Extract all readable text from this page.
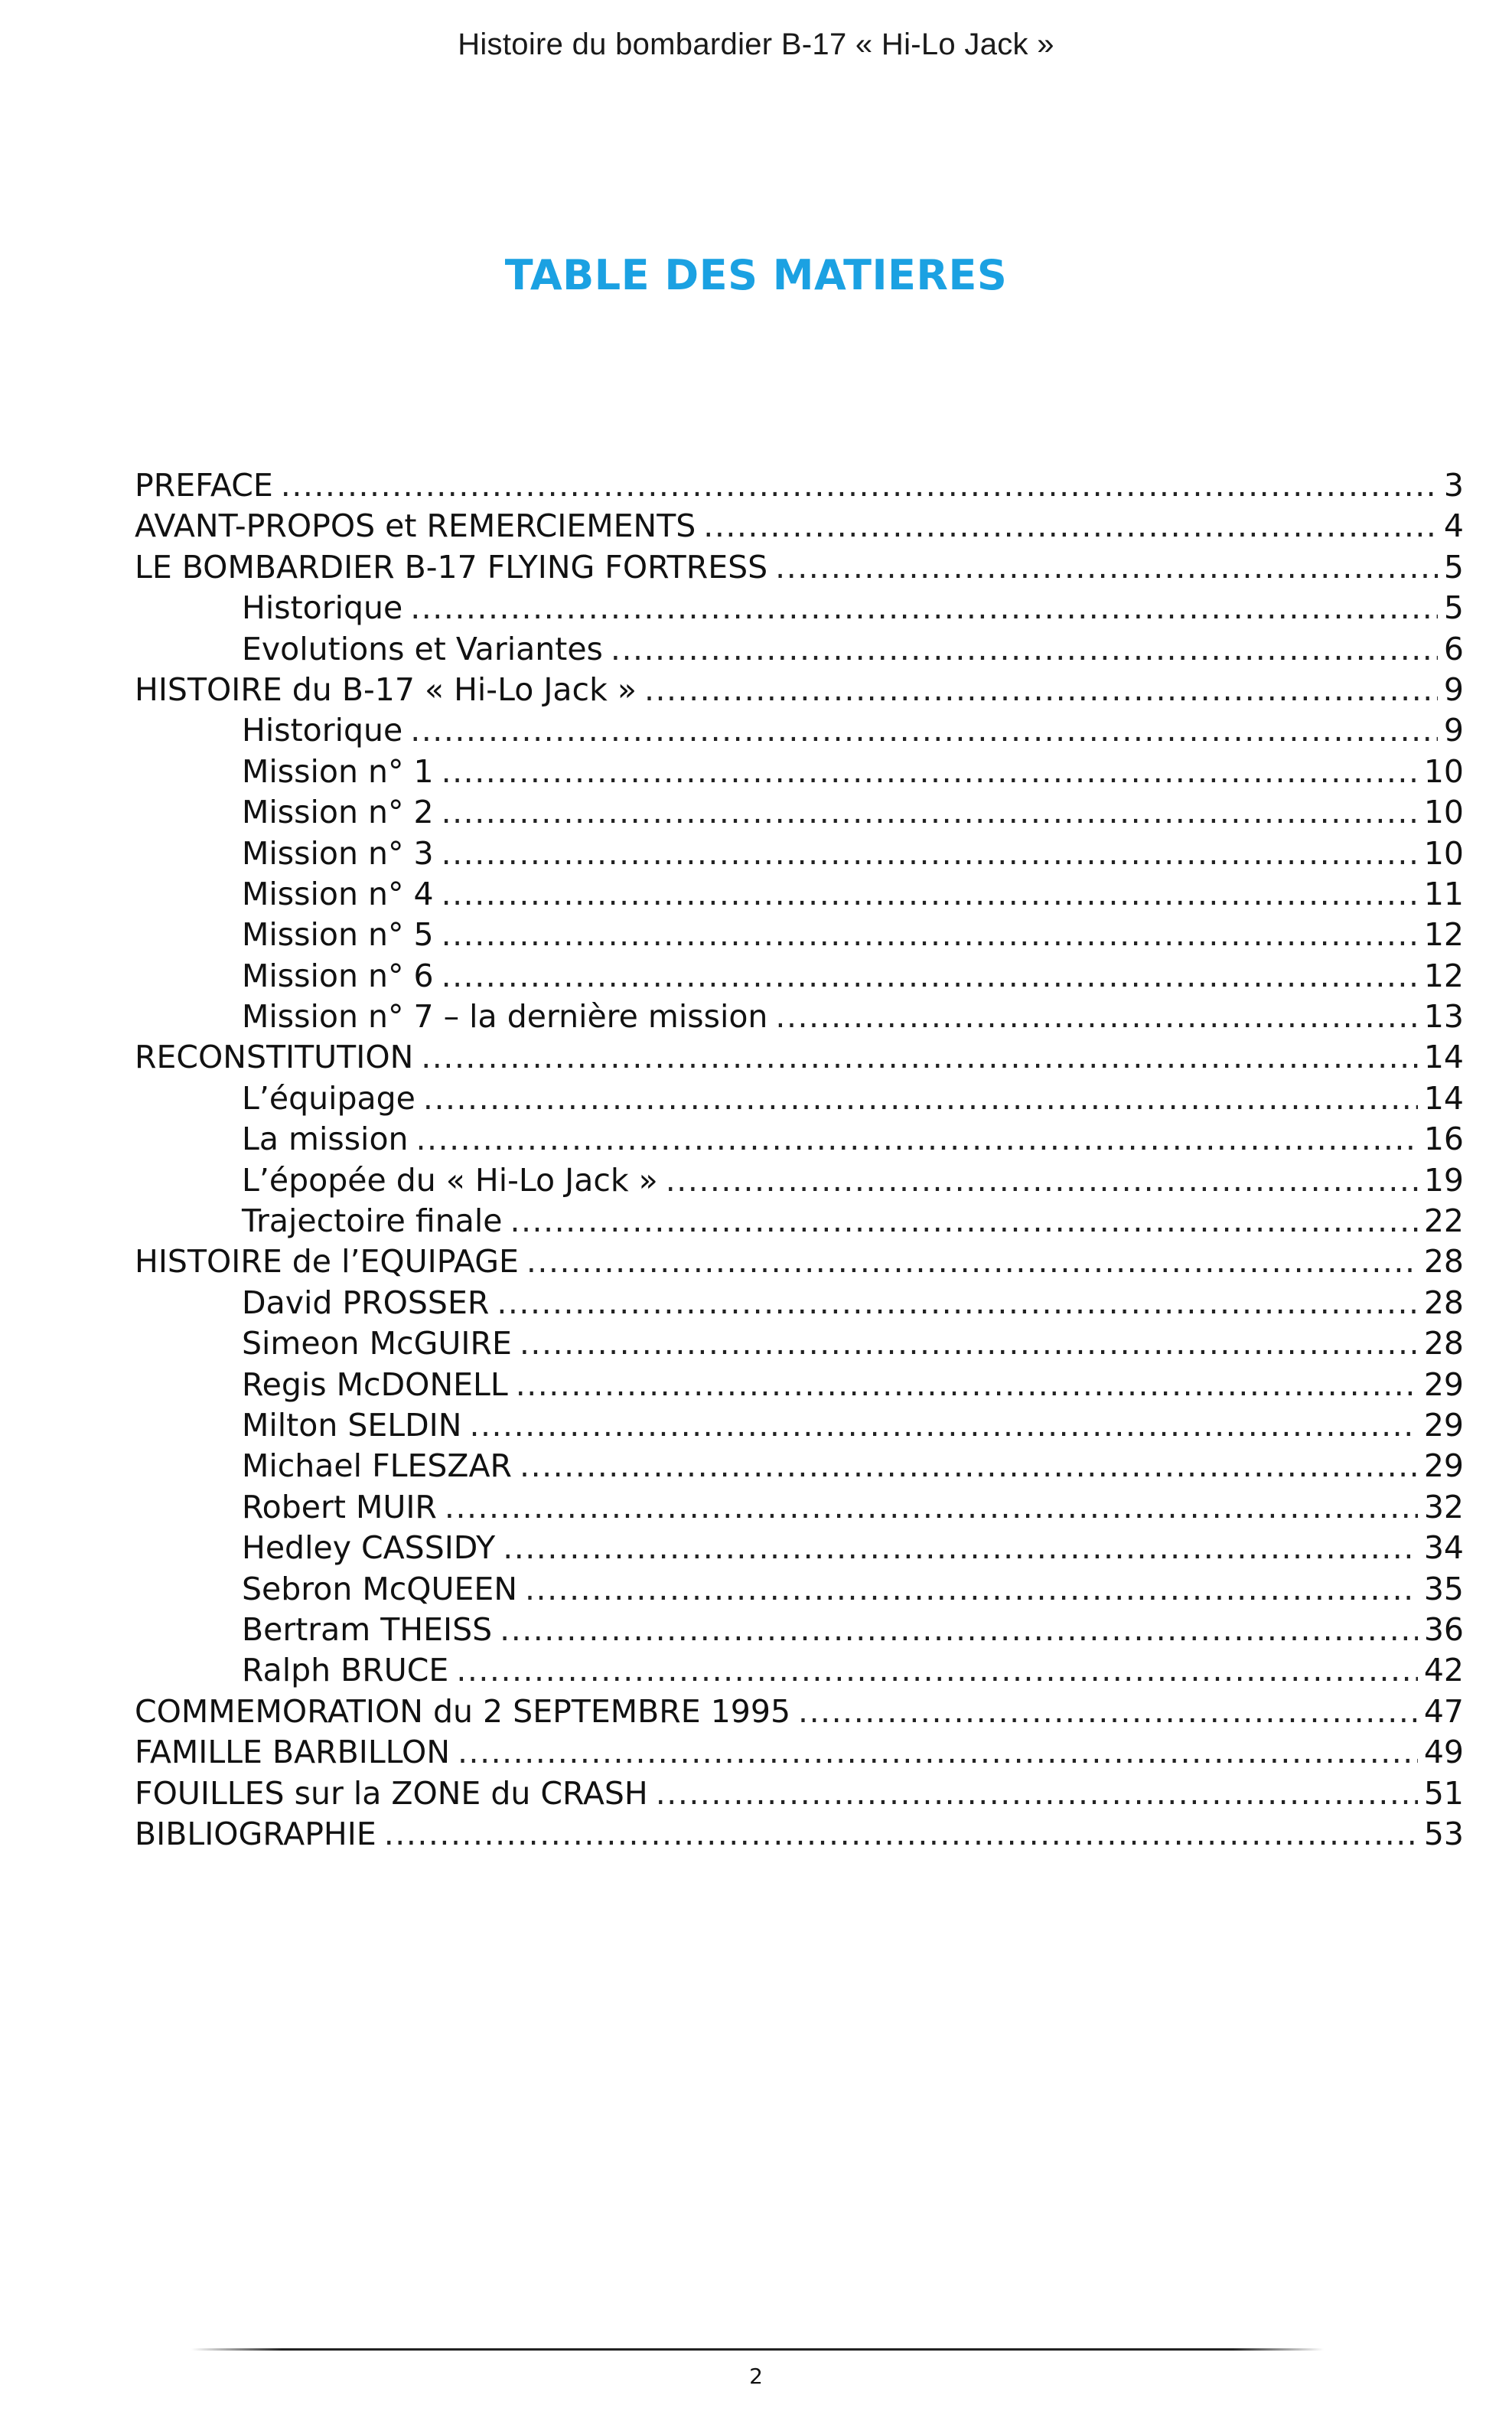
Histoire du bombardier B-17 « Hi-Lo Jack »
TABLE DES MATIERES
PREFACE .....	3
AVANT-PROPOS et REMERCIEMENTS .....	4
LE BOMBARDIER B-17 FLYING FORTRESS .....	5
Historique .....	5
Evolutions et Variantes .....	6
HISTOIRE du B-17 « Hi-Lo Jack » .....	9
Historique .....	9
Mission n° 1 .....	10
Mission n° 2 .....	10
Mission n° 3 .....	10
Mission n° 4 .....	11
Mission n° 5 .....	12
Mission n° 6 .....	12
Mission n° 7 – la dernière mission .....	13
RECONSTITUTION .....	14
L’équipage .....	14
La mission .....	16
L’épopée du « Hi-Lo Jack » .....	19
Trajectoire finale .....	22
HISTOIRE de l’EQUIPAGE .....	28
David PROSSER .....	28
Simeon McGUIRE .....	28
Regis McDONELL .....	29
Milton SELDIN .....	29
Michael FLESZAR .....	29
Robert MUIR .....	32
Hedley CASSIDY .....	34
Sebron McQUEEN .....	35
Bertram THEISS .....	36
Ralph BRUCE .....	42
COMMEMORATION du 2 SEPTEMBRE 1995 .....	47
FAMILLE BARBILLON .....	49
FOUILLES sur la ZONE du CRASH .....	51
BIBLIOGRAPHIE .....	53
2
